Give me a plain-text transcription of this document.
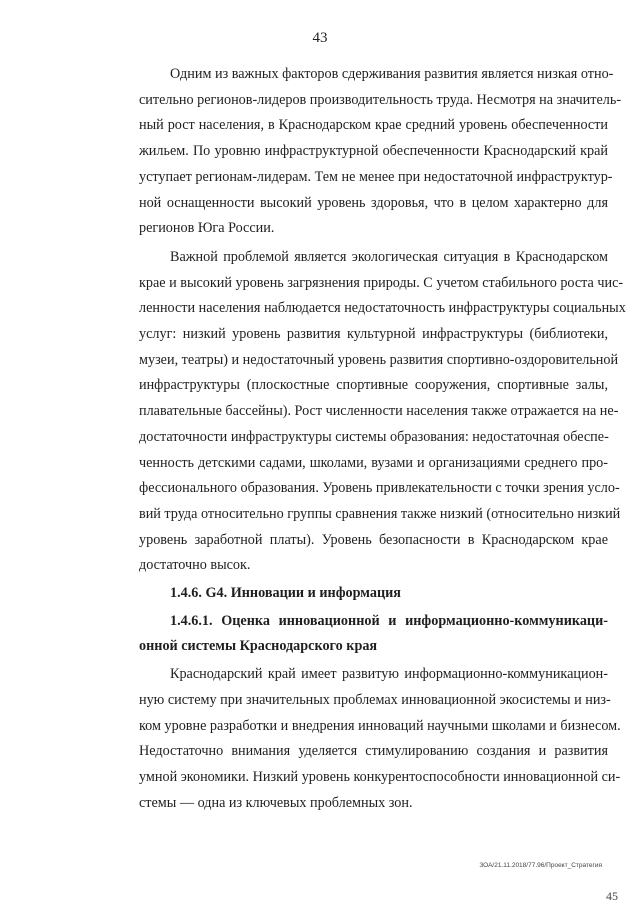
43
Одним из важных факторов сдерживания развития является низкая отно-
сительно регионов-лидеров производительность труда. Несмотря на значитель-
ный рост населения, в Краснодарском крае средний уровень обеспеченности
жильем. По уровню инфраструктурной обеспеченности Краснодарский край
уступает регионам-лидерам. Тем не менее при недостаточной инфраструктур-
ной оснащенности высокий уровень здоровья, что в целом характерно для
регионов Юга России.
Важной проблемой является экологическая ситуация в Краснодарском
крае и высокий уровень загрязнения природы. С учетом стабильного роста чис-
ленности населения наблюдается недостаточность инфраструктуры социальных
услуг: низкий уровень развития культурной инфраструктуры (библиотеки,
музеи, театры) и недостаточный уровень развития спортивно-оздоровительной
инфраструктуры (плоскостные спортивные сооружения, спортивные залы,
плавательные бассейны). Рост численности населения также отражается на не-
достаточности инфраструктуры системы образования: недостаточная обеспе-
ченность детскими садами, школами, вузами и организациями среднего про-
фессионального образования. Уровень привлекательности с точки зрения усло-
вий труда относительно группы сравнения также низкий (относительно низкий
уровень заработной платы). Уровень безопасности в Краснодарском крае
достаточно высок.
1.4.6. G4. Инновации и информация
1.4.6.1. Оценка инновационной и информационно-коммуникаци-
онной системы Краснодарского края
Краснодарский край имеет развитую информационно-коммуникацион-
ную систему при значительных проблемах инновационной экосистемы и низ-
ком уровне разработки и внедрения инноваций научными школами и бизнесом.
Недостаточно внимания уделяется стимулированию создания и развития
умной экономики. Низкий уровень конкурентоспособности инновационной си-
стемы — одна из ключевых проблемных зон.
ЗОА/21.11.2018/77.96/Проект_Стратегия
45
